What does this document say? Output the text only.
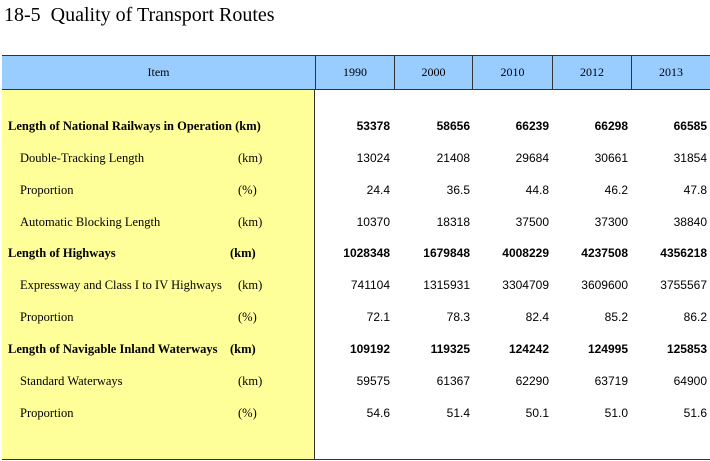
18-5  Quality of Transport Routes
Item	1990	2000	2010	2012	2013
Length of National Railways in Operation (km)	53378	58656	66239	66298	66585
Double-Tracking Length	(km)	13024	21408	29684	30661	31854
Proportion	(%)	24.4	36.5	44.8	46.2	47.8
Automatic Blocking Length	(km)	10370	18318	37500	37300	38840
Length of Highways	(km)	1028348	1679848	4008229	4237508	4356218
Expressway and Class I to IV Highways (km)	741104	1315931	3304709	3609600	3755567
Proportion	(%)	72.1	78.3	82.4	85.2	86.2
Length of Navigable Inland Waterways (km)	109192	119325	124242	124995	125853
Standard Waterways	(km)	59575	61367	62290	63719	64900
Proportion	(%)	54.6	51.4	50.1	51.0	51.6
